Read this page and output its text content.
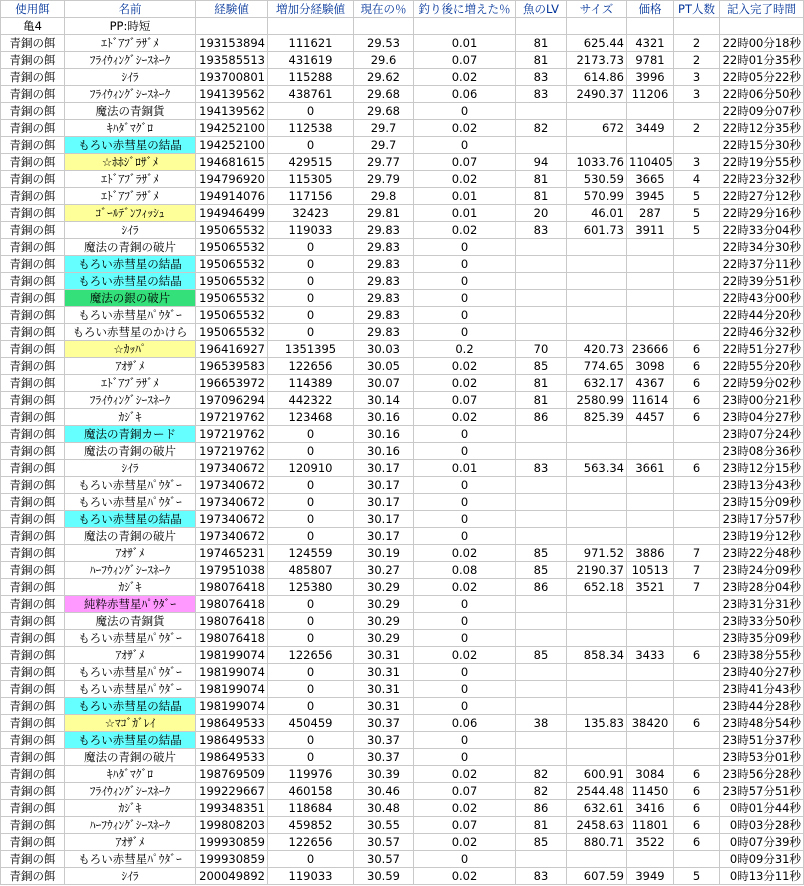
使用餌	名前	経験値	増加分経験値	現在の％	釣り後に増えた％	魚のLV	サイズ	価格	PT人数	記入完了時間
亀4	PP:時短									
青銅の餌	ｴﾄﾞｱﾌﾞﾗｻﾞﾒ	193153894	111621	29.53	0.01	81	625.44	4321	2	22時00分18秒
青銅の餌	ﾌﾗｲｳｨﾝｸﾞｼｰｽﾈｰｸ	193585513	431619	29.6	0.07	81	2173.73	9781	2	22時01分35秒
青銅の餌	ｼｲﾗ	193700801	115288	29.62	0.02	83	614.86	3996	3	22時05分22秒
青銅の餌	ﾌﾗｲｳｨﾝｸﾞｼｰｽﾈｰｸ	194139562	438761	29.68	0.06	83	2490.37	11206	3	22時06分50秒
青銅の餌	魔法の青銅貨	194139562	0	29.68	0					22時09分07秒
青銅の餌	ｷﾊﾀﾞﾏｸﾞﾛ	194252100	112538	29.7	0.02	82	672	3449	2	22時12分35秒
青銅の餌	もろい赤彗星の結晶	194252100	0	29.7	0					22時15分30秒
青銅の餌	☆ﾎﾎｼﾞﾛｻﾞﾒ	194681615	429515	29.77	0.07	94	1033.76	110405	3	22時19分55秒
青銅の餌	ｴﾄﾞｱﾌﾞﾗｻﾞﾒ	194796920	115305	29.79	0.02	81	530.59	3665	4	22時23分32秒
青銅の餌	ｴﾄﾞｱﾌﾞﾗｻﾞﾒ	194914076	117156	29.8	0.01	81	570.99	3945	5	22時27分12秒
青銅の餌	ｺﾞｰﾙﾃﾞﾝﾌｨｯｼｭ	194946499	32423	29.81	0.01	20	46.01	287	5	22時29分16秒
青銅の餌	ｼｲﾗ	195065532	119033	29.83	0.02	83	601.73	3911	5	22時33分04秒
青銅の餌	魔法の青銅の破片	195065532	0	29.83	0					22時34分30秒
青銅の餌	もろい赤彗星の結晶	195065532	0	29.83	0					22時37分11秒
青銅の餌	もろい赤彗星の結晶	195065532	0	29.83	0					22時39分51秒
青銅の餌	魔法の銀の破片	195065532	0	29.83	0					22時43分00秒
青銅の餌	もろい赤彗星ﾊﾟｳﾀﾞｰ	195065532	0	29.83	0					22時44分20秒
青銅の餌	もろい赤彗星のかけら	195065532	0	29.83	0					22時46分32秒
青銅の餌	☆ｶｯﾊﾟ	196416927	1351395	30.03	0.2	70	420.73	23666	6	22時51分27秒
青銅の餌	ｱｵｻﾞﾒ	196539583	122656	30.05	0.02	85	774.65	3098	6	22時55分20秒
青銅の餌	ｴﾄﾞｱﾌﾞﾗｻﾞﾒ	196653972	114389	30.07	0.02	81	632.17	4367	6	22時59分02秒
青銅の餌	ﾌﾗｲｳｨﾝｸﾞｼｰｽﾈｰｸ	197096294	442322	30.14	0.07	81	2580.99	11614	6	23時00分21秒
青銅の餌	ｶｼﾞｷ	197219762	123468	30.16	0.02	86	825.39	4457	6	23時04分27秒
青銅の餌	魔法の青銅カード	197219762	0	30.16	0					23時07分24秒
青銅の餌	魔法の青銅の破片	197219762	0	30.16	0					23時08分36秒
青銅の餌	ｼｲﾗ	197340672	120910	30.17	0.01	83	563.34	3661	6	23時12分15秒
青銅の餌	もろい赤彗星ﾊﾟｳﾀﾞｰ	197340672	0	30.17	0					23時13分43秒
青銅の餌	もろい赤彗星ﾊﾟｳﾀﾞｰ	197340672	0	30.17	0					23時15分09秒
青銅の餌	もろい赤彗星の結晶	197340672	0	30.17	0					23時17分57秒
青銅の餌	魔法の青銅の破片	197340672	0	30.17	0					23時19分12秒
青銅の餌	ｱｵｻﾞﾒ	197465231	124559	30.19	0.02	85	971.52	3886	7	23時22分48秒
青銅の餌	ﾊｰﾌｳｨﾝｸﾞｼｰｽﾈｰｸ	197951038	485807	30.27	0.08	85	2190.37	10513	7	23時24分09秒
青銅の餌	ｶｼﾞｷ	198076418	125380	30.29	0.02	86	652.18	3521	7	23時28分04秒
青銅の餌	純粋赤彗星ﾊﾟｳﾀﾞｰ	198076418	0	30.29	0					23時31分31秒
青銅の餌	魔法の青銅貨	198076418	0	30.29	0					23時33分50秒
青銅の餌	もろい赤彗星ﾊﾟｳﾀﾞｰ	198076418	0	30.29	0					23時35分09秒
青銅の餌	ｱｵｻﾞﾒ	198199074	122656	30.31	0.02	85	858.34	3433	6	23時38分55秒
青銅の餌	もろい赤彗星ﾊﾟｳﾀﾞｰ	198199074	0	30.31	0					23時40分27秒
青銅の餌	もろい赤彗星ﾊﾟｳﾀﾞｰ	198199074	0	30.31	0					23時41分43秒
青銅の餌	もろい赤彗星の結晶	198199074	0	30.31	0					23時44分28秒
青銅の餌	☆ﾏｺﾞｶﾞﾚｲ	198649533	450459	30.37	0.06	38	135.83	38420	6	23時48分54秒
青銅の餌	もろい赤彗星の結晶	198649533	0	30.37	0					23時51分37秒
青銅の餌	魔法の青銅の破片	198649533	0	30.37	0					23時53分01秒
青銅の餌	ｷﾊﾀﾞﾏｸﾞﾛ	198769509	119976	30.39	0.02	82	600.91	3084	6	23時56分28秒
青銅の餌	ﾌﾗｲｳｨﾝｸﾞｼｰｽﾈｰｸ	199229667	460158	30.46	0.07	82	2544.48	11450	6	23時57分51秒
青銅の餌	ｶｼﾞｷ	199348351	118684	30.48	0.02	86	632.61	3416	6	0時01分44秒
青銅の餌	ﾊｰﾌｳｨﾝｸﾞｼｰｽﾈｰｸ	199808203	459852	30.55	0.07	81	2458.63	11801	6	0時03分28秒
青銅の餌	ｱｵｻﾞﾒ	199930859	122656	30.57	0.02	85	880.71	3522	6	0時07分39秒
青銅の餌	もろい赤彗星ﾊﾟｳﾀﾞｰ	199930859	0	30.57	0					0時09分31秒
青銅の餌	ｼｲﾗ	200049892	119033	30.59	0.02	83	607.59	3949	5	0時13分11秒
